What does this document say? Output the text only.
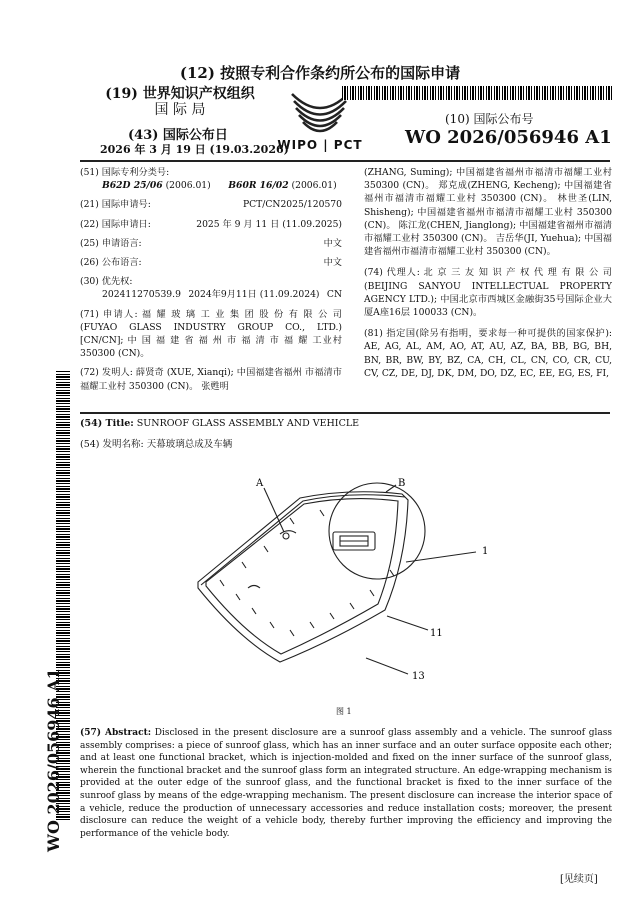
(12) 按照专利合作条约所公布的国际申请
(19) 世界知识产权组织
国 际 局
(43) 国际公布日
2026 年 3 月 19 日 (19.03.2026)
WIPO | PCT
(10) 国际公布号
WO 2026/056946 A1
(51) 国际专利分类号:
B62D 25/06 (2006.01) B60R 16/02 (2006.01)
(21) 国际申请号:	PCT/CN2025/120570
(22) 国际申请日:	2025 年 9 月 11 日 (11.09.2025)
(25) 申请语言:	中文
(26) 公布语言:	中文
(30) 优先权:
202411270539.9 2024年9月11日 (11.09.2024) CN
(71) 申请人: 福 耀 玻 璃 工 业 集 团 股 份 有 限 公 司 (FUYAO GLASS INDUSTRY GROUP CO., LTD.) [CN/CN]; 中 国 福 建 省 福 州 市 福 清 市 福 耀 工业村 350300 (CN)。
(72) 发明人: 薛贤奇 (XUE, Xianqi); 中国福建省福州 市福清市福耀工业村 350300 (CN)。 张甦明
(ZHANG, Suming); 中国福建省福州市福清市福耀工业村 350300 (CN)。 郑克成(ZHENG, Kecheng); 中国福建省福州市福清市福耀工业村 350300 (CN)。 林世圣(LIN, Shisheng); 中国福建省福州市福清市福耀工业村 350300 (CN)。 陈江龙(CHEN, Jianglong); 中国福建省福州市福清市福耀工业村 350300 (CN)。 吉岳华(JI, Yuehua); 中国福建省福州市福清市福耀工业村 350300 (CN)。
(74) 代理人: 北 京 三 友 知 识 产 权 代 理 有 限 公 司 (BEIJING SANYOU INTELLECTUAL PROPERTY AGENCY LTD.); 中国北京市西城区金融街35号国际企业大厦A座16层 100033 (CN)。
(81) 指定国(除另有指明，要求每一种可提供的国家保护): AE, AG, AL, AM, AO, AT, AU, AZ, BA, BB, BG, BH, BN, BR, BW, BY, BZ, CA, CH, CL, CN, CO, CR, CU, CV, CZ, DE, DJ, DK, DM, DO, DZ, EC, EE, EG, ES, FI,
WO 2026/056946 A1
(54) Title: SUNROOF GLASS ASSEMBLY AND VEHICLE
(54) 发明名称: 天幕玻璃总成及车辆
A	B
1
11
13
图 1
(57) Abstract: Disclosed in the present disclosure are a sunroof glass assembly and a vehicle. The sunroof glass assembly comprises: a piece of sunroof glass, which has an inner surface and an outer surface opposite each other; and at least one functional bracket, which is injection-molded and fixed on the inner surface of the sunroof glass, wherein the functional bracket and the sunroof glass form an integrated structure. An edge-wrapping mechanism is provided at the outer edge of the sunroof glass, and the functional bracket is fixed to the inner surface of the sunroof glass by means of the edge-wrapping mechanism. The present disclosure can increase the interior space of a vehicle, reduce the production of unnecessary accessories and reduce installation costs; moreover, the present disclosure can reduce the weight of a vehicle body, thereby further improving the efficiency and improving the performance of the vehicle body.
[见续页]
